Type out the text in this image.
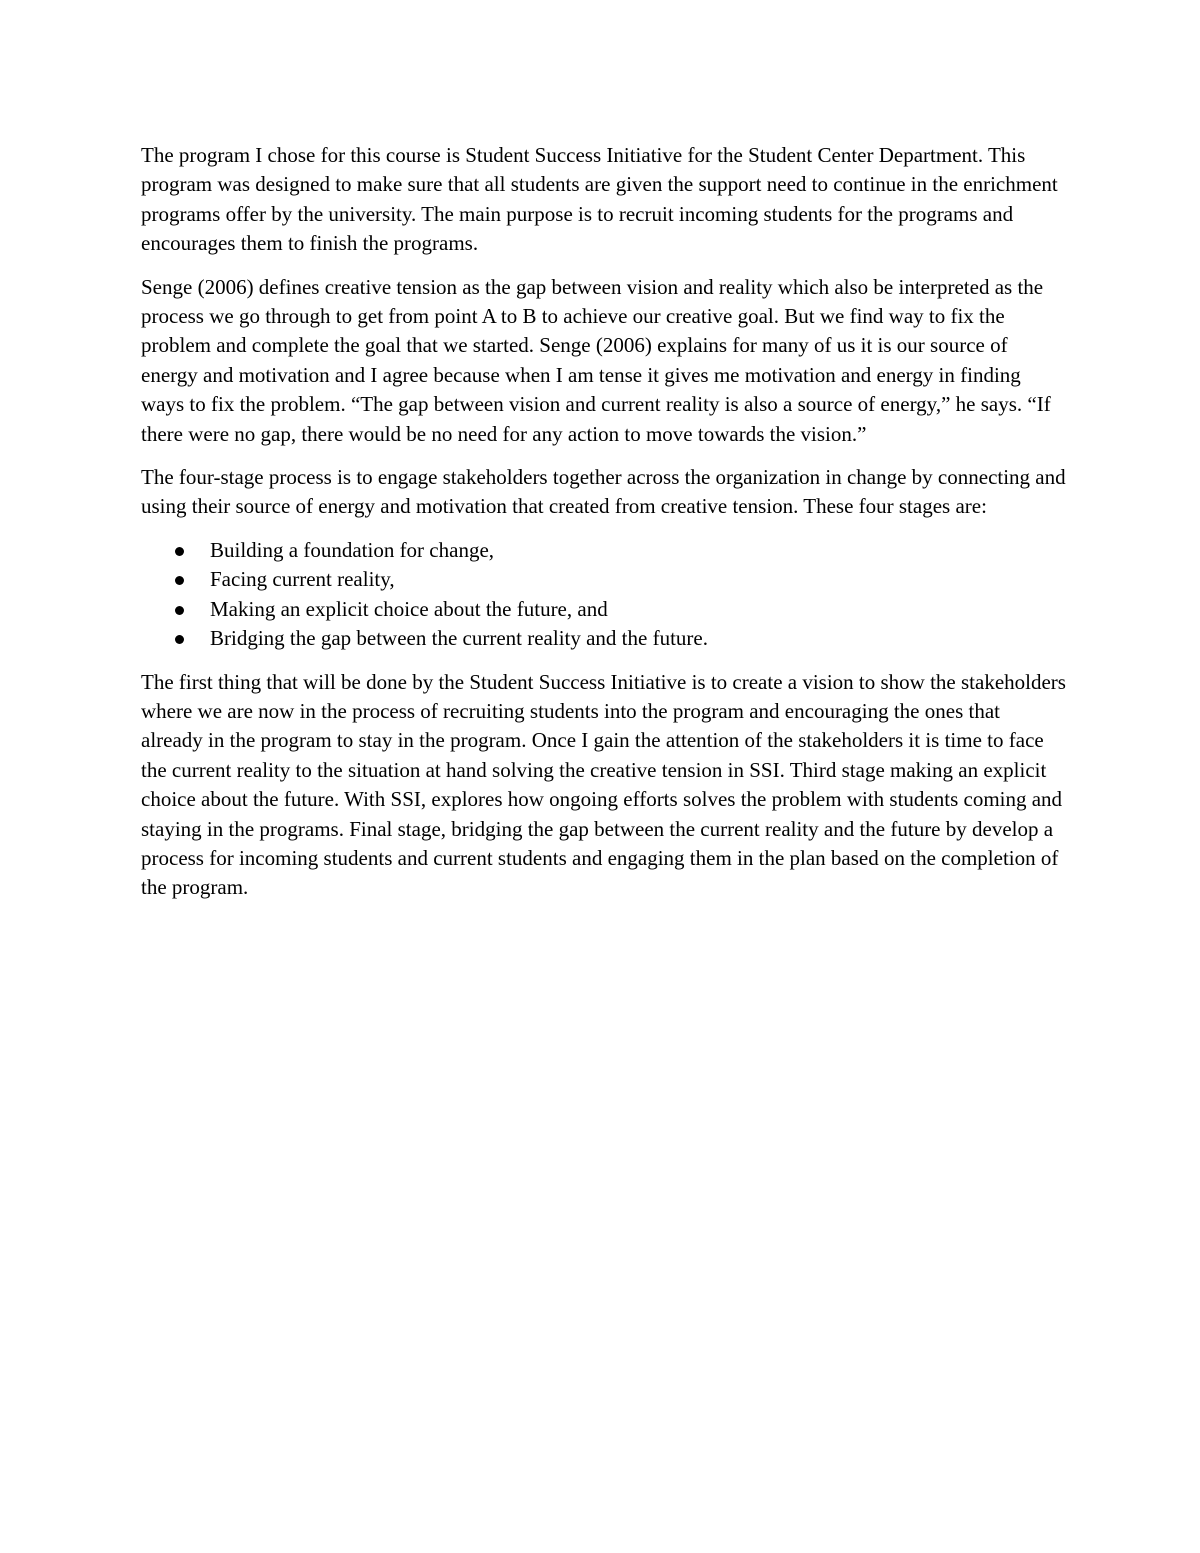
The program I chose for this course is Student Success Initiative for the Student Center Department. This program was designed to make sure that all students are given the support need to continue in the enrichment programs offer by the university. The main purpose is to recruit incoming students for the programs and encourages them to finish the programs.

Senge (2006) defines creative tension as the gap between vision and reality which also be interpreted as the process we go through to get from point A to B to achieve our creative goal. But we find way to fix the problem and complete the goal that we started. Senge (2006) explains for many of us it is our source of energy and motivation and I agree because when I am tense it gives me motivation and energy in finding ways to fix the problem. “The gap between vision and current reality is also a source of energy,” he says. “If there were no gap, there would be no need for any action to move towards the vision.”

The four-stage process is to engage stakeholders together across the organization in change by connecting and using their source of energy and motivation that created from creative tension. These four stages are:

Building a foundation for change,
Facing current reality,
Making an explicit choice about the future, and
Bridging the gap between the current reality and the future.

The first thing that will be done by the Student Success Initiative is to create a vision to show the stakeholders where we are now in the process of recruiting students into the program and encouraging the ones that already in the program to stay in the program. Once I gain the attention of the stakeholders it is time to face the current reality to the situation at hand solving the creative tension in SSI. Third stage making an explicit choice about the future. With SSI, explores how ongoing efforts solves the problem with students coming and staying in the programs. Final stage, bridging the gap between the current reality and the future by develop a process for incoming students and current students and engaging them in the plan based on the completion of the program.
